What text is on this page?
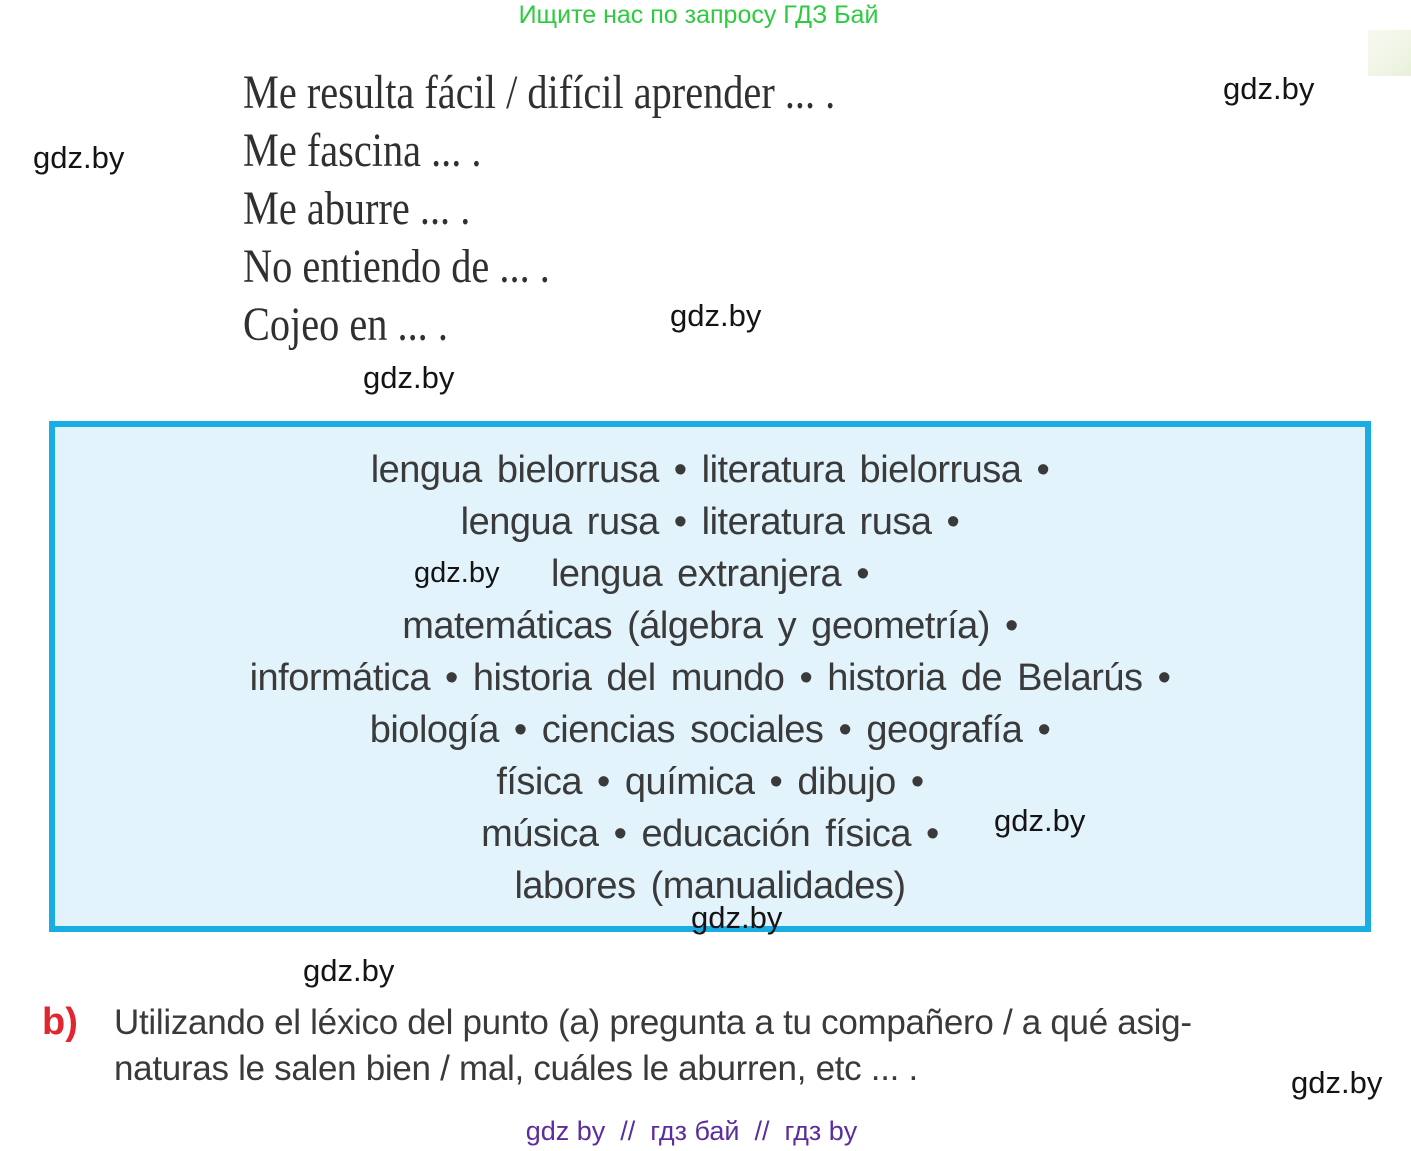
Ищите нас по запросу ГДЗ Бай
gdz.by
gdz.by
gdz.by
gdz.by
Me resulta fácil / difícil aprender ... .
Me fascina ... .
Me aburre ... .
No entiendo de ... .
Cojeo en ... .
lengua bielorrusa • literatura bielorrusa •
lengua rusa • literatura rusa •
lengua extranjera •
matemáticas (álgebra y geometría) •
informática • historia del mundo • historia de Belarús •
biología • ciencias sociales • geografía •
física • química • dibujo •
música • educación física •
labores (manualidades)
gdz.by
gdz.by
gdz.by
gdz.by
b) Utilizando el léxico del punto (a) pregunta a tu compañero / a qué asig-
naturas le salen bien / mal, cuáles le aburren, etc ... .	gdz.by
gdz by  //  гдз бай  //  гдз by
